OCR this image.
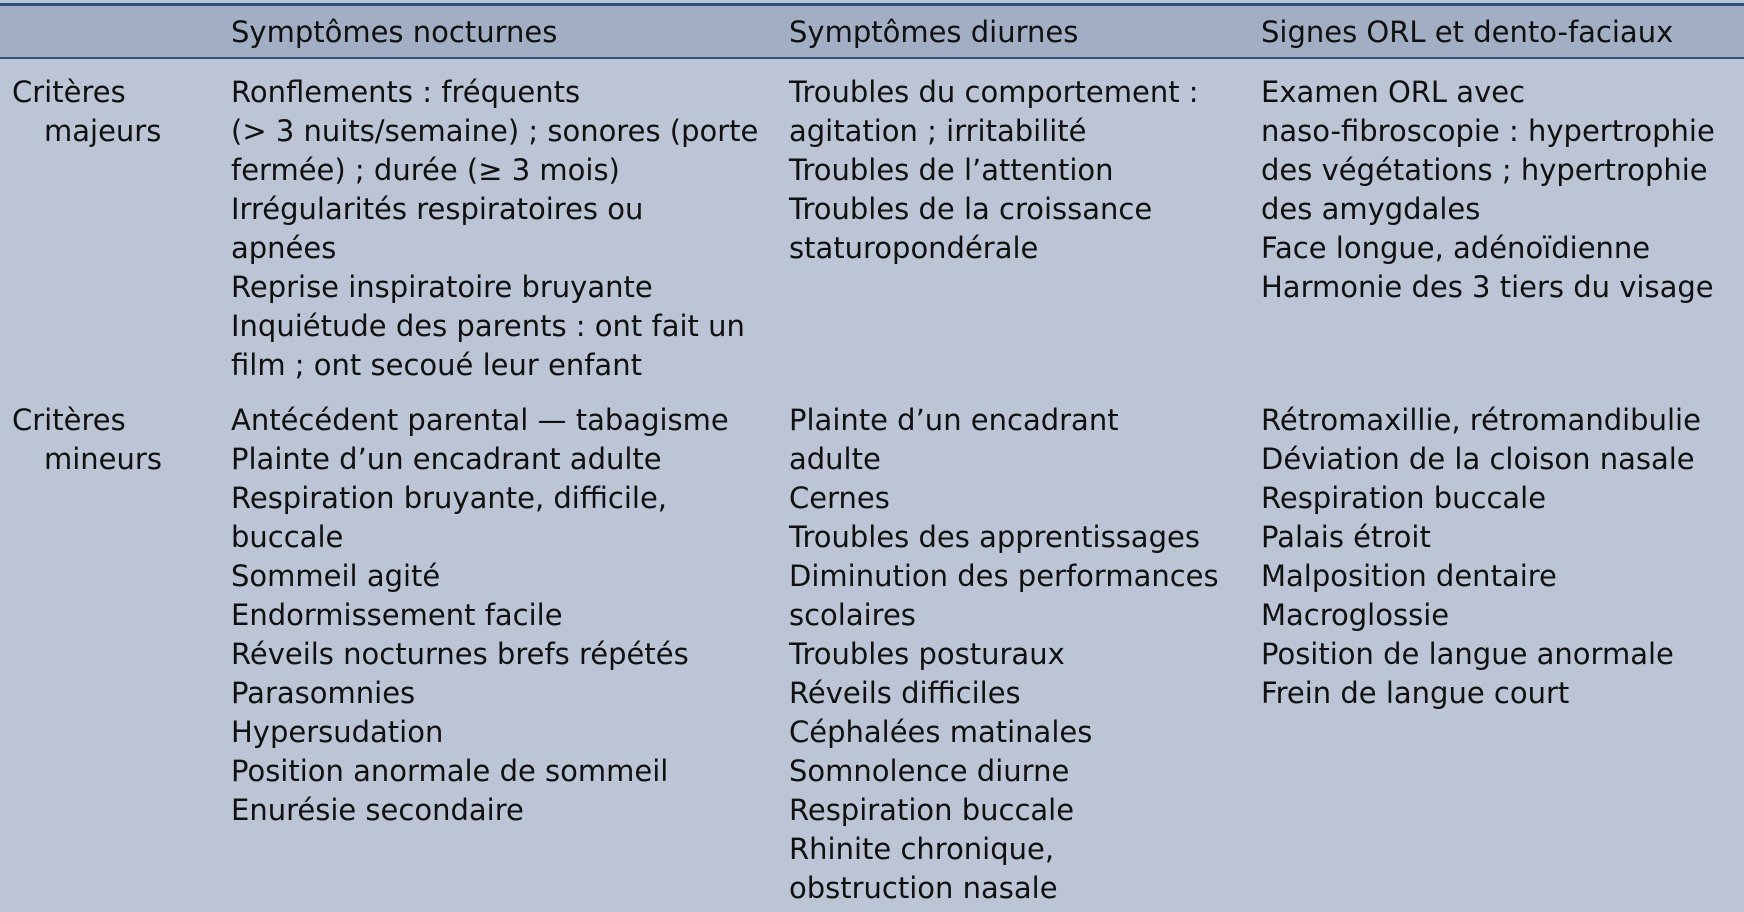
Symptômes nocturnes	Symptômes diurnes	Signes ORL et dento-faciaux
Critères
majeurs
Ronflements : fréquents
(> 3 nuits/semaine) ; sonores (porte
fermée) ; durée (≥ 3 mois)
Irrégularités respiratoires ou
apnées
Reprise inspiratoire bruyante
Inquiétude des parents : ont fait un
film ; ont secoué leur enfant
Troubles du comportement :
agitation ; irritabilité
Troubles de l’attention
Troubles de la croissance
staturopondérale
Examen ORL avec
naso-fibroscopie : hypertrophie
des végétations ; hypertrophie
des amygdales
Face longue, adénoïdienne
Harmonie des 3 tiers du visage
Critères
mineurs
Antécédent parental — tabagisme
Plainte d’un encadrant adulte
Respiration bruyante, difficile,
buccale
Sommeil agité
Endormissement facile
Réveils nocturnes brefs répétés
Parasomnies
Hypersudation
Position anormale de sommeil
Enurésie secondaire
Plainte d’un encadrant
adulte
Cernes
Troubles des apprentissages
Diminution des performances
scolaires
Troubles posturaux
Réveils difficiles
Céphalées matinales
Somnolence diurne
Respiration buccale
Rhinite chronique,
obstruction nasale
Rétromaxillie, rétromandibulie
Déviation de la cloison nasale
Respiration buccale
Palais étroit
Malposition dentaire
Macroglossie
Position de langue anormale
Frein de langue court
